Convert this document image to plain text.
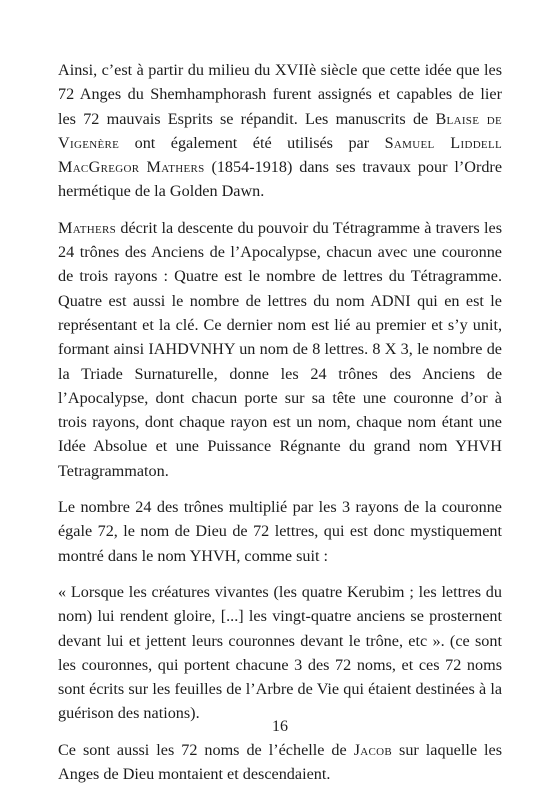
Ainsi, c’est à partir du milieu du XVIIè siècle que cette idée que les 72 Anges du Shemhamphorash furent assignés et capables de lier les 72 mauvais Esprits se répandit. Les manuscrits de Blaise de Vigenère ont également été utilisés par Samuel Liddell MacGregor Mathers (1854-1918) dans ses travaux pour l’Ordre hermétique de la Golden Dawn.

Mathers décrit la descente du pouvoir du Tétragramme à travers les 24 trônes des Anciens de l’Apocalypse, chacun avec une couronne de trois rayons : Quatre est le nombre de lettres du Tétragramme. Quatre est aussi le nombre de lettres du nom ADNI qui en est le représentant et la clé. Ce dernier nom est lié au premier et s’y unit, formant ainsi IAHDVNHY un nom de 8 lettres. 8 X 3, le nombre de la Triade Surnaturelle, donne les 24 trônes des Anciens de l’Apocalypse, dont chacun porte sur sa tête une couronne d’or à trois rayons, dont chaque rayon est un nom, chaque nom étant une Idée Absolue et une Puissance Régnante du grand nom YHVH Tetragrammaton.

Le nombre 24 des trônes multiplié par les 3 rayons de la couronne égale 72, le nom de Dieu de 72 lettres, qui est donc mystiquement montré dans le nom YHVH, comme suit :

« Lorsque les créatures vivantes (les quatre Kerubim ; les lettres du nom) lui rendent gloire, [...] les vingt-quatre anciens se prosternent devant lui et jettent leurs couronnes devant le trône, etc ». (ce sont les couronnes, qui portent chacune 3 des 72 noms, et ces 72 noms sont écrits sur les feuilles de l’Arbre de Vie qui étaient destinées à la guérison des nations).

Ce sont aussi les 72 noms de l’échelle de Jacob sur laquelle les Anges de Dieu montaient et descendaient.

16
